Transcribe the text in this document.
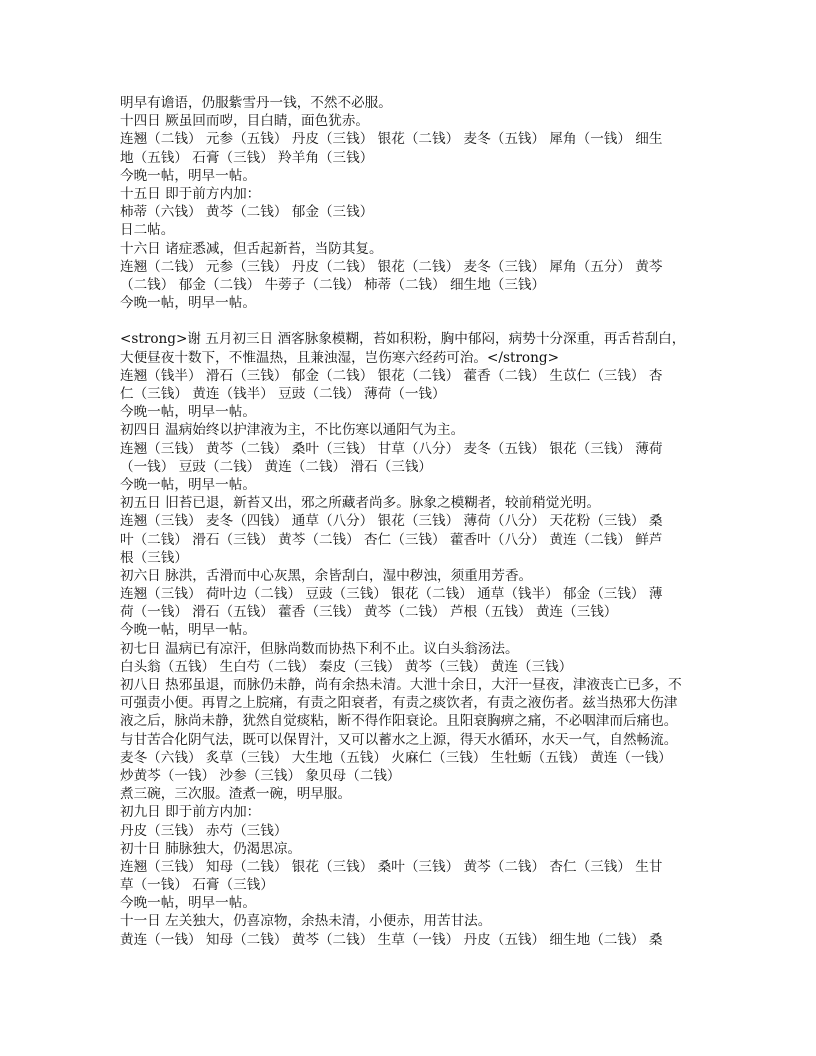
明早有谵语，仍服紫雪丹一钱，不然不必服。
十四日 厥虽回而哕，目白睛，面色犹赤。
连翘（二钱） 元参（五钱） 丹皮（三钱） 银花（二钱） 麦冬（五钱） 犀角（一钱） 细生
地（五钱） 石膏（三钱） 羚羊角（三钱）
今晚一帖，明早一帖。
十五日 即于前方内加：
柿蒂（六钱） 黄芩（二钱） 郁金（三钱）
日二帖。
十六日 诸症悉减，但舌起新苔，当防其复。
连翘（二钱） 元参（三钱） 丹皮（二钱） 银花（二钱） 麦冬（三钱） 犀角（五分） 黄芩
（二钱） 郁金（二钱） 牛蒡子（二钱） 柿蒂（二钱） 细生地（三钱）
今晚一帖，明早一帖。
<strong>谢 五月初三日 酒客脉象模糊，苔如积粉，胸中郁闷，病势十分深重，再舌苔刮白，
大便昼夜十数下，不惟温热，且兼浊湿，岂伤寒六经药可治。</strong>
连翘（钱半） 滑石（三钱） 郁金（二钱） 银花（二钱） 藿香（二钱） 生苡仁（三钱） 杏
仁（三钱） 黄连（钱半） 豆豉（二钱） 薄荷（一钱）
今晚一帖，明早一帖。
初四日 温病始终以护津液为主，不比伤寒以通阳气为主。
连翘（三钱） 黄芩（二钱） 桑叶（三钱） 甘草（八分） 麦冬（五钱） 银花（三钱） 薄荷
（一钱） 豆豉（二钱） 黄连（二钱） 滑石（三钱）
今晚一帖，明早一帖。
初五日 旧苔已退，新苔又出，邪之所藏者尚多。脉象之模糊者，较前稍觉光明。
连翘（三钱） 麦冬（四钱） 通草（八分） 银花（三钱） 薄荷（八分） 天花粉（三钱） 桑
叶（二钱） 滑石（三钱） 黄芩（二钱） 杏仁（三钱） 藿香叶（八分） 黄连（二钱） 鲜芦
根（三钱）
初六日 脉洪，舌滑而中心灰黑，余皆刮白，湿中秽浊，须重用芳香。
连翘（三钱） 荷叶边（二钱） 豆豉（三钱） 银花（二钱） 通草（钱半） 郁金（三钱） 薄
荷（一钱） 滑石（五钱） 藿香（三钱） 黄芩（二钱） 芦根（五钱） 黄连（三钱）
今晚一帖，明早一帖。
初七日 温病已有凉汗，但脉尚数而协热下利不止。议白头翁汤法。
白头翁（五钱） 生白芍（二钱） 秦皮（三钱） 黄芩（三钱） 黄连（三钱）
初八日 热邪虽退，而脉仍未静，尚有余热未清。大泄十余日，大汗一昼夜，津液丧亡已多，不
可强责小便。再胃之上脘痛，有责之阳衰者，有责之痰饮者，有责之液伤者。兹当热邪大伤津
液之后，脉尚未静，犹然自觉痰粘，断不得作阳衰论。且阳衰胸痹之痛，不必咽津而后痛也。
与甘苦合化阴气法，既可以保胃汁，又可以蓄水之上源，得天水循环，水天一气，自然畅流。
麦冬（六钱） 炙草（三钱） 大生地（五钱） 火麻仁（三钱） 生牡蛎（五钱） 黄连（一钱）
炒黄芩（一钱） 沙参（三钱） 象贝母（二钱）
煮三碗，三次服。渣煮一碗，明早服。
初九日 即于前方内加：
丹皮（三钱） 赤芍（三钱）
初十日 肺脉独大，仍渴思凉。
连翘（三钱） 知母（二钱） 银花（三钱） 桑叶（三钱） 黄芩（二钱） 杏仁（三钱） 生甘
草（一钱） 石膏（三钱）
今晚一帖，明早一帖。
十一日 左关独大，仍喜凉物，余热未清，小便赤，用苦甘法。
黄连（一钱） 知母（二钱） 黄芩（二钱） 生草（一钱） 丹皮（五钱） 细生地（二钱） 桑
